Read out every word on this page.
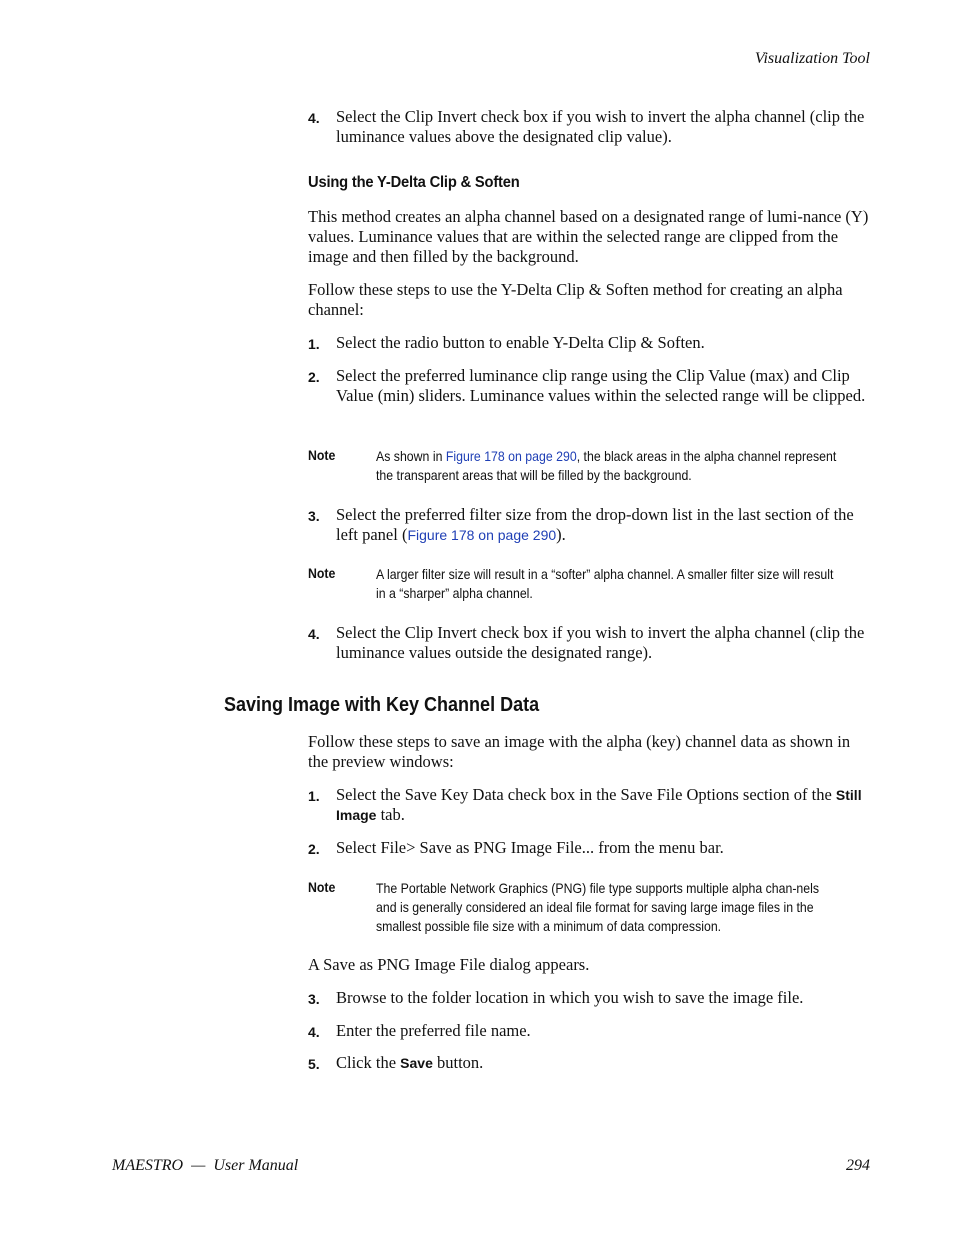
Visualization Tool
4. Select the Clip Invert check box if you wish to invert the alpha channel (clip the luminance values above the designated clip value).
Using the Y-Delta Clip & Soften
This method creates an alpha channel based on a designated range of lumi-nance (Y) values. Luminance values that are within the selected range are clipped from the image and then filled by the background.
Follow these steps to use the Y-Delta Clip & Soften method for creating an alpha channel:
1. Select the radio button to enable Y-Delta Clip & Soften.
2. Select the preferred luminance clip range using the Clip Value (max) and Clip Value (min) sliders. Luminance values within the selected range will be clipped.
Note	As shown in Figure 178 on page 290, the black areas in the alpha channel represent the transparent areas that will be filled by the background.
3. Select the preferred filter size from the drop-down list in the last section of the left panel (Figure 178 on page 290).
Note	A larger filter size will result in a “softer” alpha channel. A smaller filter size will result in a “sharper” alpha channel.
4. Select the Clip Invert check box if you wish to invert the alpha channel (clip the luminance values outside the designated range).
Saving Image with Key Channel Data
Follow these steps to save an image with the alpha (key) channel data as shown in the preview windows:
1. Select the Save Key Data check box in the Save File Options section of the Still Image tab.
2. Select File> Save as PNG Image File... from the menu bar.
Note	The Portable Network Graphics (PNG) file type supports multiple alpha chan-nels and is generally considered an ideal file format for saving large image files in the smallest possible file size with a minimum of data compression.
A Save as PNG Image File dialog appears.
3. Browse to the folder location in which you wish to save the image file.
4. Enter the preferred file name.
5. Click the Save button.
MAESTRO  —  User Manual	294
